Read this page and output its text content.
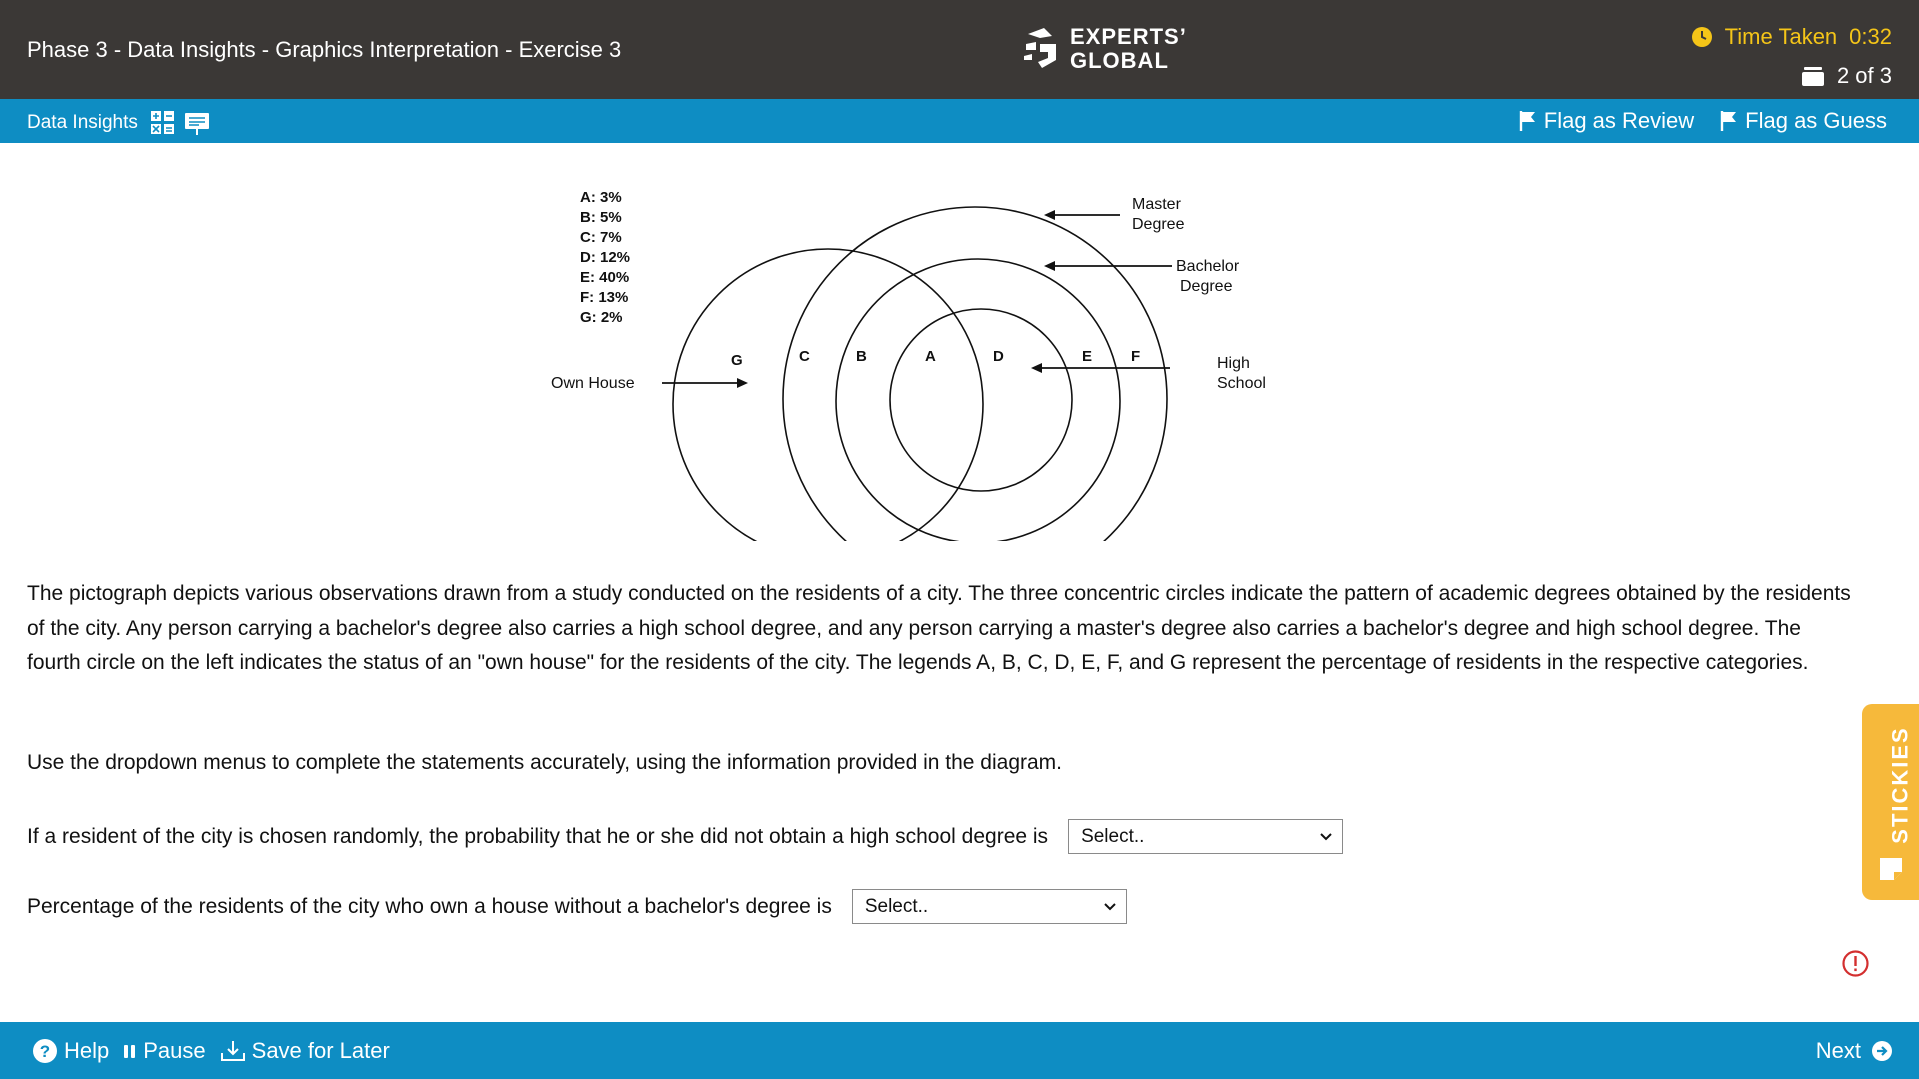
Phase 3 - Data Insights - Graphics Interpretation - Exercise 3
EXPERTS’
GLOBAL
Time Taken 0:32
2 of 3
Data Insights	Flag as Review Flag as Guess
A: 3%
B: 5%
C: 7%
D: 12%
E: 40%
F: 13%
G: 2%
G	C	B	A	D	E	F
Own House
Master
Degree
Bachelor
Degree
High
School

The pictograph depicts various observations drawn from a study conducted on the residents of a city. The three concentric circles indicate the pattern of academic degrees obtained by the residents of the city. Any person carrying a bachelor's degree also carries a high school degree, and any person carrying a master's degree also carries a bachelor's degree and high school degree. The fourth circle on the left indicates the status of an "own house" for the residents of the city. The legends A, B, C, D, E, F, and G represent the percentage of residents in the respective categories.

Use the dropdown menus to complete the statements accurately, using the information provided in the diagram.
If a resident of the city is chosen randomly, the probability that he or she did not obtain a high school degree is Select..
Percentage of the residents of the city who own a house without a bachelor's degree is Select..
STICKIES
? Help Pause Save for Later	Next
